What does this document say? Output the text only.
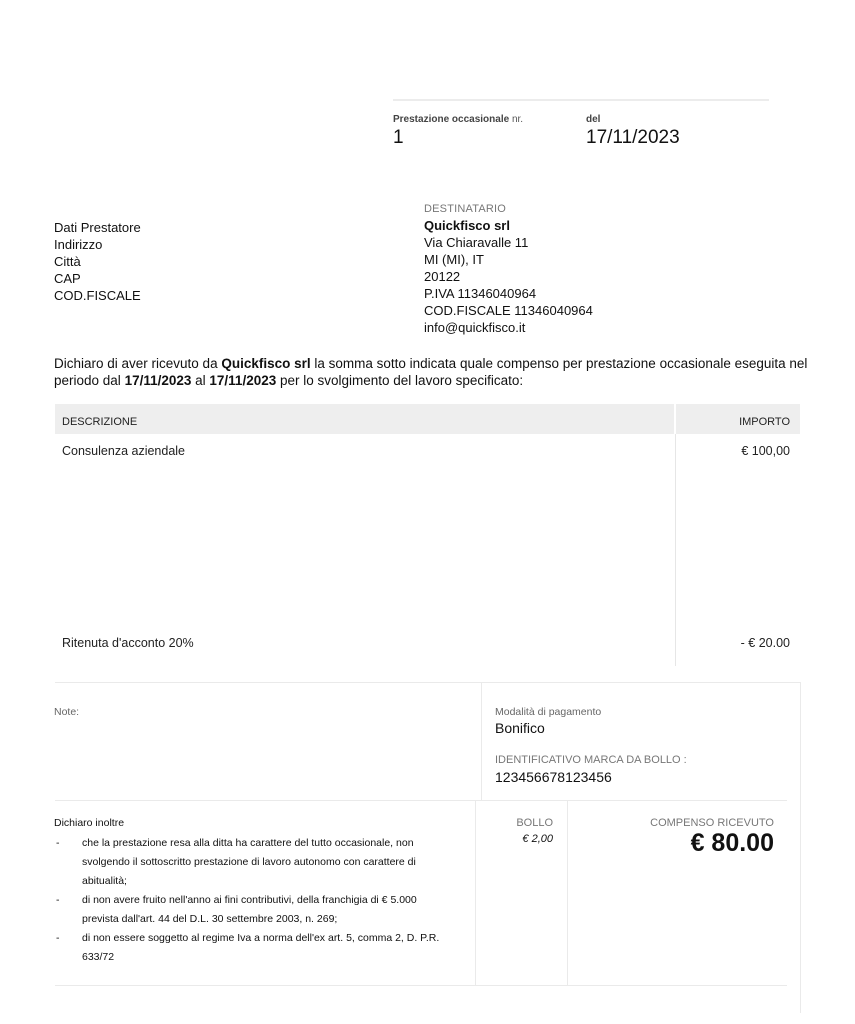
Prestazione occasionale nr.
1
del
17/11/2023
Dati Prestatore
Indirizzo
Città
CAP
COD.FISCALE
DESTINATARIO
Quickfisco srl
Via Chiaravalle 11
MI (MI), IT
20122
P.IVA 11346040964
COD.FISCALE 11346040964
info@quickfisco.it
Dichiaro di aver ricevuto da Quickfisco srl la somma sotto indicata quale compenso per prestazione occasionale eseguita nel periodo dal 17/11/2023 al 17/11/2023 per lo svolgimento del lavoro specificato:
DESCRIZIONE	IMPORTO
Consulenza aziendale	€ 100,00
Ritenuta d'acconto 20%	- € 20.00
Note:	Modalità di pagamento
Bonifico
IDENTIFICATIVO MARCA DA BOLLO :
123456678123456
Dichiaro inoltre
- che la prestazione resa alla ditta ha carattere del tutto occasionale, non svolgendo il sottoscritto prestazione di lavoro autonomo con carattere di abitualità;
- di non avere fruito nell'anno ai fini contributivi, della franchigia di € 5.000 prevista dall'art. 44 del D.L. 30 settembre 2003, n. 269;
- di non essere soggetto al regime Iva a norma dell'ex art. 5, comma 2, D. P.R. 633/72
BOLLO
€ 2,00
COMPENSO RICEVUTO
€ 80.00
